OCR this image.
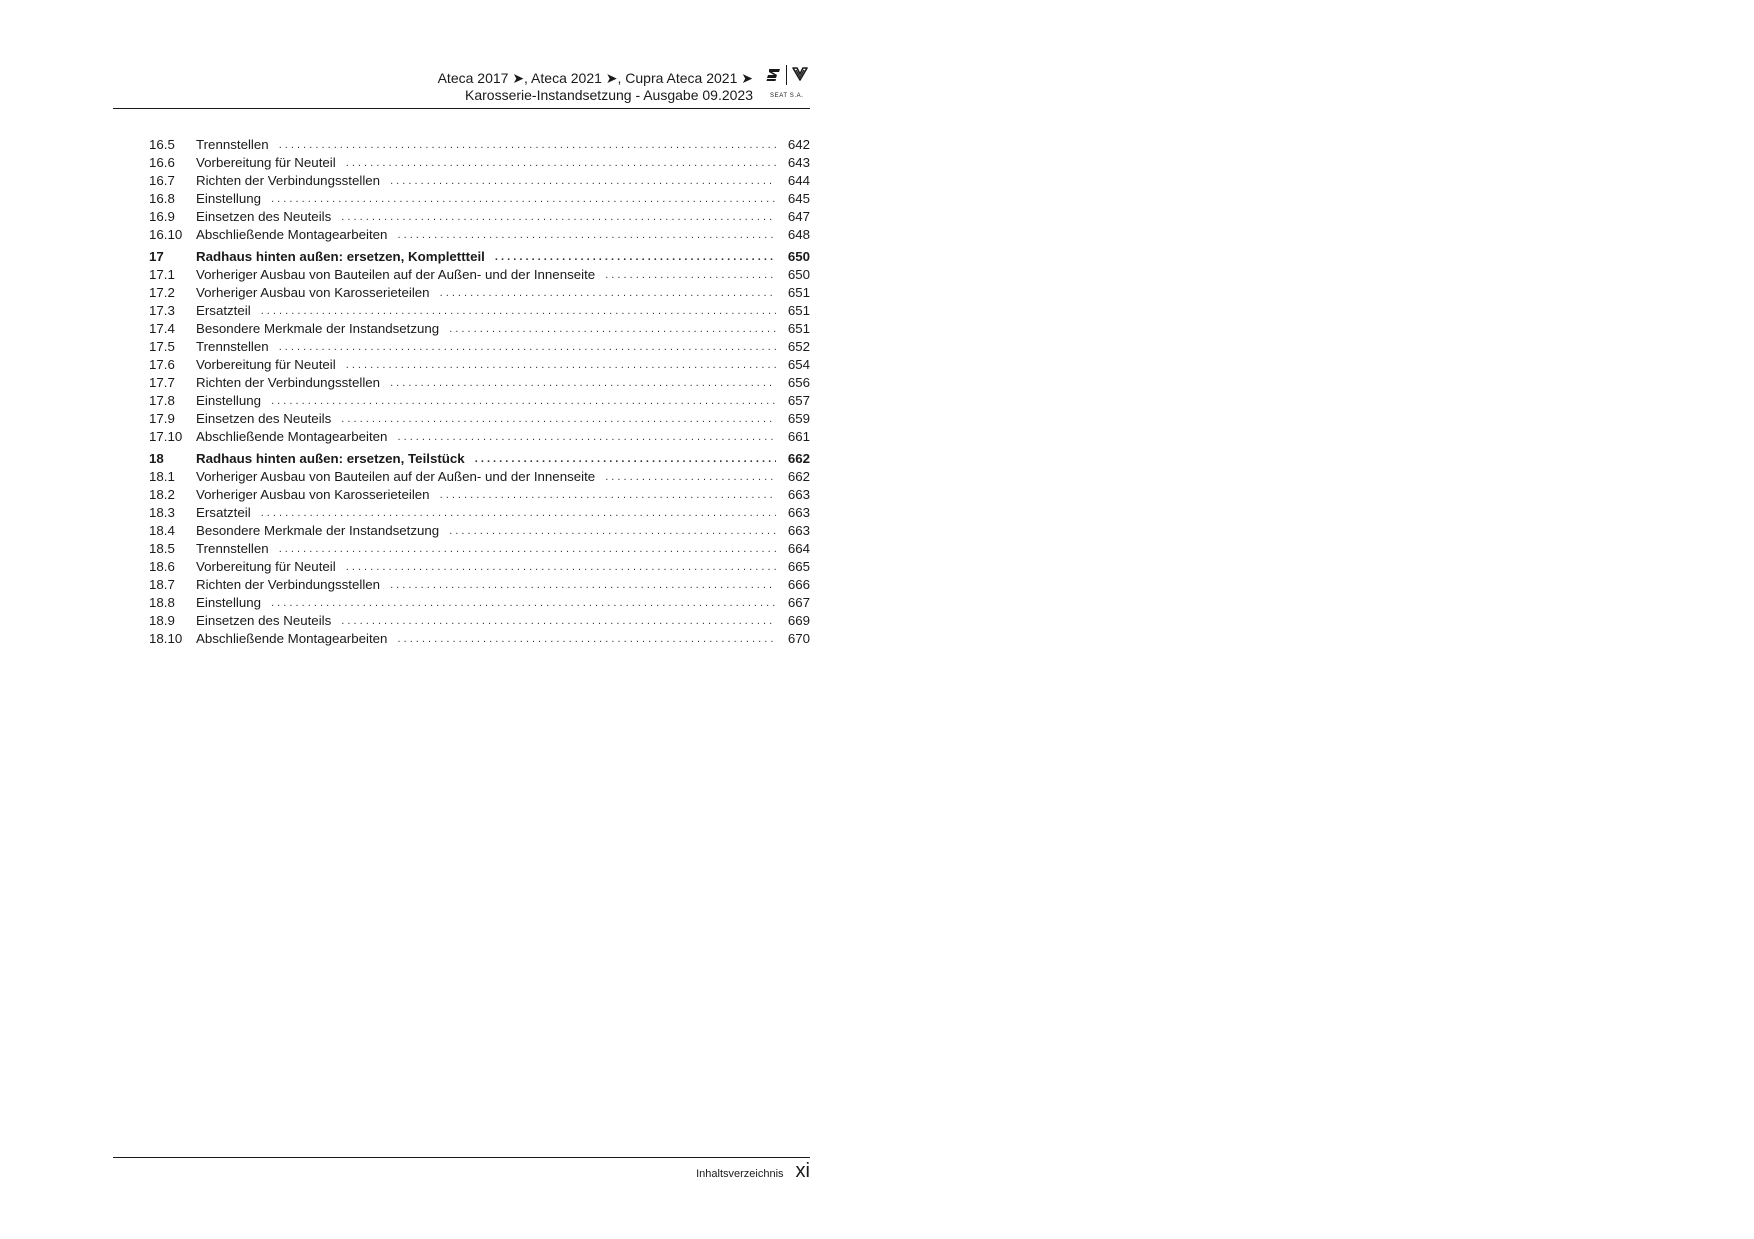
Ateca 2017 ➤, Ateca 2021 ➤, Cupra Ateca 2021 ➤
Karosserie-Instandsetzung - Ausgabe 09.2023	SEAT S.A.
16.5	Trennstellen . . .	642
16.6	Vorbereitung für Neuteil . . .	643
16.7	Richten der Verbindungsstellen . . .	644
16.8	Einstellung . . .	645
16.9	Einsetzen des Neuteils . . .	647
16.10	Abschließende Montagearbeiten . . .	648
17	Radhaus hinten außen: ersetzen, Komplettteil . . .	650
17.1	Vorheriger Ausbau von Bauteilen auf der Außen- und der Innenseite . . .	650
17.2	Vorheriger Ausbau von Karosserieteilen . . .	651
17.3	Ersatzteil . . .	651
17.4	Besondere Merkmale der Instandsetzung . . .	651
17.5	Trennstellen . . .	652
17.6	Vorbereitung für Neuteil . . .	654
17.7	Richten der Verbindungsstellen . . .	656
17.8	Einstellung . . .	657
17.9	Einsetzen des Neuteils . . .	659
17.10	Abschließende Montagearbeiten . . .	661
18	Radhaus hinten außen: ersetzen, Teilstück . . .	662
18.1	Vorheriger Ausbau von Bauteilen auf der Außen- und der Innenseite . . .	662
18.2	Vorheriger Ausbau von Karosserieteilen . . .	663
18.3	Ersatzteil . . .	663
18.4	Besondere Merkmale der Instandsetzung . . .	663
18.5	Trennstellen . . .	664
18.6	Vorbereitung für Neuteil . . .	665
18.7	Richten der Verbindungsstellen . . .	666
18.8	Einstellung . . .	667
18.9	Einsetzen des Neuteils . . .	669
18.10	Abschließende Montagearbeiten . . .	670
Inhaltsverzeichnis xi
